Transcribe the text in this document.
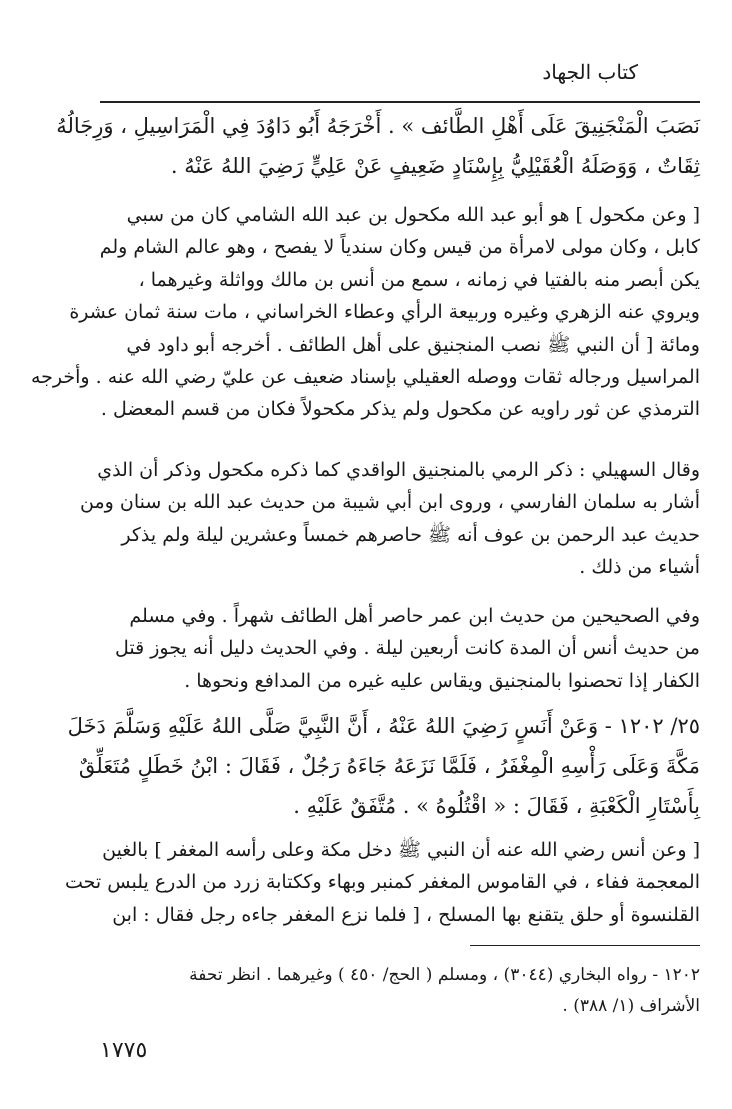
كتاب الجهاد
نَصَبَ الْمَنْجَنِيقَ عَلَى أَهْلِ الطَّائف » . أَخْرَجَهُ أَبُو دَاوُدَ فِي الْمَرَاسِيلِ ، وَرِجَالُهُ
ثِقَاتٌ ، وَوَصَلَهُ الْعُقَيْلِيُّ بِإِسْنَادٍ ضَعِيفٍ عَنْ عَلِيٍّ رَضِيَ اللهُ عَنْهُ .
[ وعن مكحول ] هو أبو عبد الله مكحول بن عبد الله الشامي كان من سبي
كابل ، وكان مولى لامرأة من قيس وكان سندياً لا يفصح ، وهو عالم الشام ولم
يكن أبصر منه بالفتيا في زمانه ، سمع من أنس بن مالك وواثلة وغيرهما ،
ويروي عنه الزهري وغيره وربيعة الرأي وعطاء الخراساني ، مات سنة ثمان عشرة
ومائة [ أن النبي ﷺ نصب المنجنيق على أهل الطائف . أخرجه أبو داود في
المراسيل ورجاله ثقات ووصله العقيلي بإسناد ضعيف عن عليّ رضي الله عنه . وأخرجه
الترمذي عن ثور راويه عن مكحول ولم يذكر مكحولاً فكان من قسم المعضل .
وقال السهيلي : ذكر الرمي بالمنجنيق الواقدي كما ذكره مكحول وذكر أن الذي
أشار به سلمان الفارسي ، وروى ابن أبي شيبة من حديث عبد الله بن سنان ومن
حديث عبد الرحمن بن عوف أنه ﷺ حاصرهم خمساً وعشرين ليلة ولم يذكر
أشياء من ذلك .
وفي الصحيحين من حديث ابن عمر حاصر أهل الطائف شهراً . وفي مسلم
من حديث أنس أن المدة كانت أربعين ليلة . وفي الحديث دليل أنه يجوز قتل
الكفار إذا تحصنوا بالمنجنيق ويقاس عليه غيره من المدافع ونحوها .
٢٥/ ١٢٠٢ - وَعَنْ أَنَسٍ رَضِيَ اللهُ عَنْهُ ، أَنَّ النَّبِيَّ صَلَّى اللهُ عَلَيْهِ وَسَلَّمَ دَخَلَ
مَكَّةَ وَعَلَى رَأْسِهِ الْمِغْفَرُ ، فَلَمَّا نَزَعَهُ جَاءَهُ رَجُلٌ ، فَقَالَ : ابْنُ خَطَلٍ مُتَعَلِّقٌ
بِأَسْتَارِ الْكَعْبَةِ ، فَقَالَ : « اقْتُلُوهُ » . مُتَّفَقٌ عَلَيْهِ .
[ وعن أنس رضي الله عنه أن النبي ﷺ دخل مكة وعلى رأسه المغفر ] بالغين
المعجمة ففاء ، في القاموس المغفر كمنبر وبهاء وككتابة زرد من الدرع يلبس تحت
القلنسوة أو حلق يتقنع بها المسلح ، [ فلما نزع المغفر جاءه رجل فقال : ابن
١٢٠٢ - رواه البخاري (٣٠٤٤) ، ومسلم ( الحج/ ٤٥٠ ) وغيرهما . انظر تحفة
الأشراف (١/ ٣٨٨) .
١٧٧٥
